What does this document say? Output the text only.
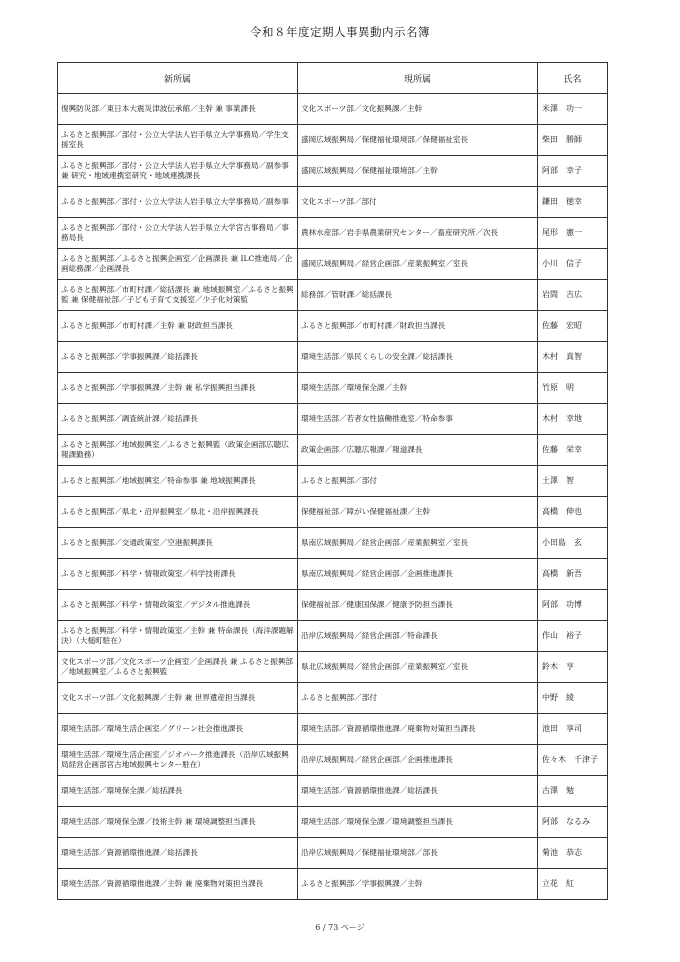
令和８年度定期人事異動内示名簿
新所属	現所属	氏名
復興防災部／東日本大震災津波伝承館／主幹 兼 事業課長	文化スポーツ部／文化振興課／主幹	米澤　功一
ふるさと振興部／部付・公立大学法人岩手県立大学事務局／学生支援室長	盛岡広域振興局／保健福祉環境部／保健福祉室長	柴田　勝師
ふるさと振興部／部付・公立大学法人岩手県立大学事務局／副参事 兼 研究・地域連携室研究・地域連携課長	盛岡広域振興局／保健福祉環境部／主幹	阿部　幸子
ふるさと振興部／部付・公立大学法人岩手県立大学事務局／副参事	文化スポーツ部／部付	鎌田　徳幸
ふるさと振興部／部付・公立大学法人岩手県立大学宮古事務局／事務局長	農林水産部／岩手県農業研究センター／畜産研究所／次長	尾形　憲一
ふるさと振興部／ふるさと振興企画室／企画課長 兼 ILC推進局／企画総務課／企画課長	盛岡広域振興局／経営企画部／産業振興室／室長	小川　信子
ふるさと振興部／市町村課／総括課長 兼 地域振興室／ふるさと振興監 兼 保健福祉部／子ども子育て支援室／少子化対策監	総務部／管財課／総括課長	岩間　吉広
ふるさと振興部／市町村課／主幹 兼 財政担当課長	ふるさと振興部／市町村課／財政担当課長	佐藤　宏昭
ふるさと振興部／学事振興課／総括課長	環境生活部／県民くらしの安全課／総括課長	木村　真智
ふるさと振興部／学事振興課／主幹 兼 私学振興担当課長	環境生活部／環境保全課／主幹	竹原　明
ふるさと振興部／調査統計課／総括課長	環境生活部／若者女性協働推進室／特命参事	木村　幸地
ふるさと振興部／地域振興室／ふるさと振興監（政策企画部広聴広報課勤務）	政策企画部／広聴広報課／報道課長	佐藤　栄幸
ふるさと振興部／地域振興室／特命参事 兼 地域振興課長	ふるさと振興部／部付	土澤　智
ふるさと振興部／県北・沿岸振興室／県北・沿岸振興課長	保健福祉部／障がい保健福祉課／主幹	高橋　伸也
ふるさと振興部／交通政策室／空港振興課長	県南広域振興局／経営企画部／産業振興室／室長	小田島　玄
ふるさと振興部／科学・情報政策室／科学技術課長	県南広域振興局／経営企画部／企画推進課長	高橋　新吾
ふるさと振興部／科学・情報政策室／デジタル推進課長	保健福祉部／健康国保課／健康予防担当課長	阿部　功博
ふるさと振興部／科学・情報政策室／主幹 兼 特命課長（海洋課題解決）（大槌町駐在）	沿岸広域振興局／経営企画部／特命課長	作山　裕子
文化スポーツ部／文化スポーツ企画室／企画課長 兼 ふるさと振興部／地域振興室／ふるさと振興監	県北広域振興局／経営企画部／産業振興室／室長	鈴木　亨
文化スポーツ部／文化振興課／主幹 兼 世界遺産担当課長	ふるさと振興部／部付	中野　綾
環境生活部／環境生活企画室／グリーン社会推進課長	環境生活部／資源循環推進課／廃棄物対策担当課長	池田　享司
環境生活部／環境生活企画室／ジオパーク推進課長（沿岸広域振興局経営企画部宮古地域振興センター駐在）	沿岸広域振興局／経営企画部／企画推進課長	佐々木　千津子
環境生活部／環境保全課／総括課長	環境生活部／資源循環推進課／総括課長	古澤　勉
環境生活部／環境保全課／技術主幹 兼 環境調整担当課長	環境生活部／環境保全課／環境調整担当課長	阿部　なるみ
環境生活部／資源循環推進課／総括課長	沿岸広域振興局／保健福祉環境部／部長	菊池　恭志
環境生活部／資源循環推進課／主幹 兼 廃棄物対策担当課長	ふるさと振興部／学事振興課／主幹	立花　紅
6 / 73 ページ
